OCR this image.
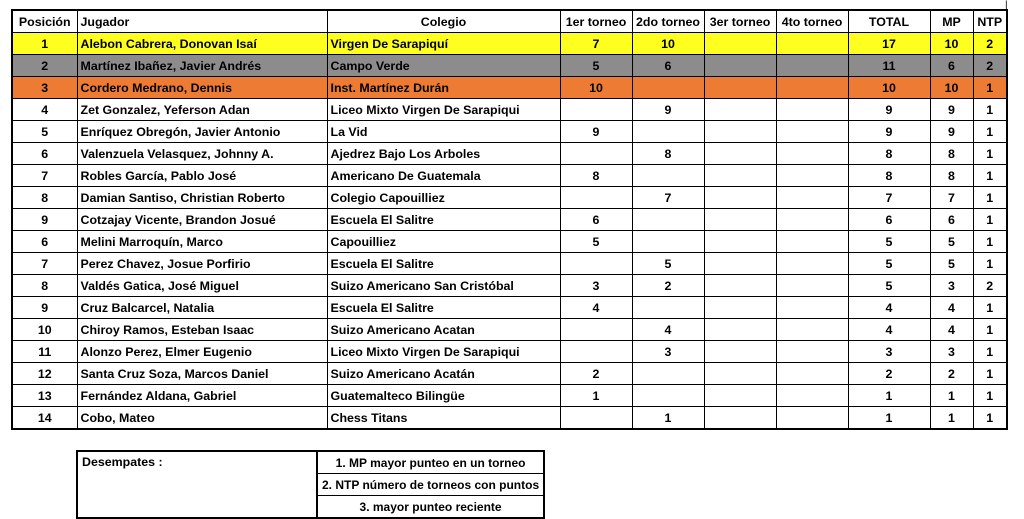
|
Posición	Jugador	Colegio	1er torneo	2do torneo	3er torneo	4to torneo	TOTAL	MP	NTP
1	Alebon Cabrera, Donovan Isaí	Virgen De Sarapiquí	7	10			17	10	2
2	Martínez Ibañez, Javier Andrés	Campo Verde	5	6			11	6	2
3	Cordero Medrano, Dennis	Inst. Martínez Durán	10				10	10	1
4	Zet Gonzalez, Yeferson Adan	Liceo Mixto Virgen De Sarapiqui		9			9	9	1
5	Enríquez Obregón, Javier Antonio	La Vid	9				9	9	1
6	Valenzuela Velasquez, Johnny A.	Ajedrez Bajo Los Arboles		8			8	8	1
7	Robles García, Pablo José	Americano De Guatemala	8				8	8	1
8	Damian Santiso, Christian Roberto	Colegio Capouilliez		7			7	7	1
9	Cotzajay Vicente, Brandon Josué	Escuela El Salitre	6				6	6	1
6	Melini Marroquín, Marco	Capouilliez	5				5	5	1
7	Perez Chavez, Josue Porfirio	Escuela El Salitre		5			5	5	1
8	Valdés Gatica, José Miguel	Suizo Americano San Cristóbal	3	2			5	3	2
9	Cruz Balcarcel, Natalia	Escuela El Salitre	4				4	4	1
10	Chiroy Ramos, Esteban Isaac	Suizo Americano Acatan		4			4	4	1
11	Alonzo Perez, Elmer Eugenio	Liceo Mixto Virgen De Sarapiqui		3			3	3	1
12	Santa Cruz Soza, Marcos Daniel	Suizo Americano Acatán	2				2	2	1
13	Fernández Aldana, Gabriel	Guatemalteco Bilingüe	1				1	1	1
14	Cobo, Mateo	Chess Titans		1			1	1	1
Desempates :	1. MP mayor punteo en un torneo
2. NTP número de torneos con puntos
3. mayor punteo reciente
